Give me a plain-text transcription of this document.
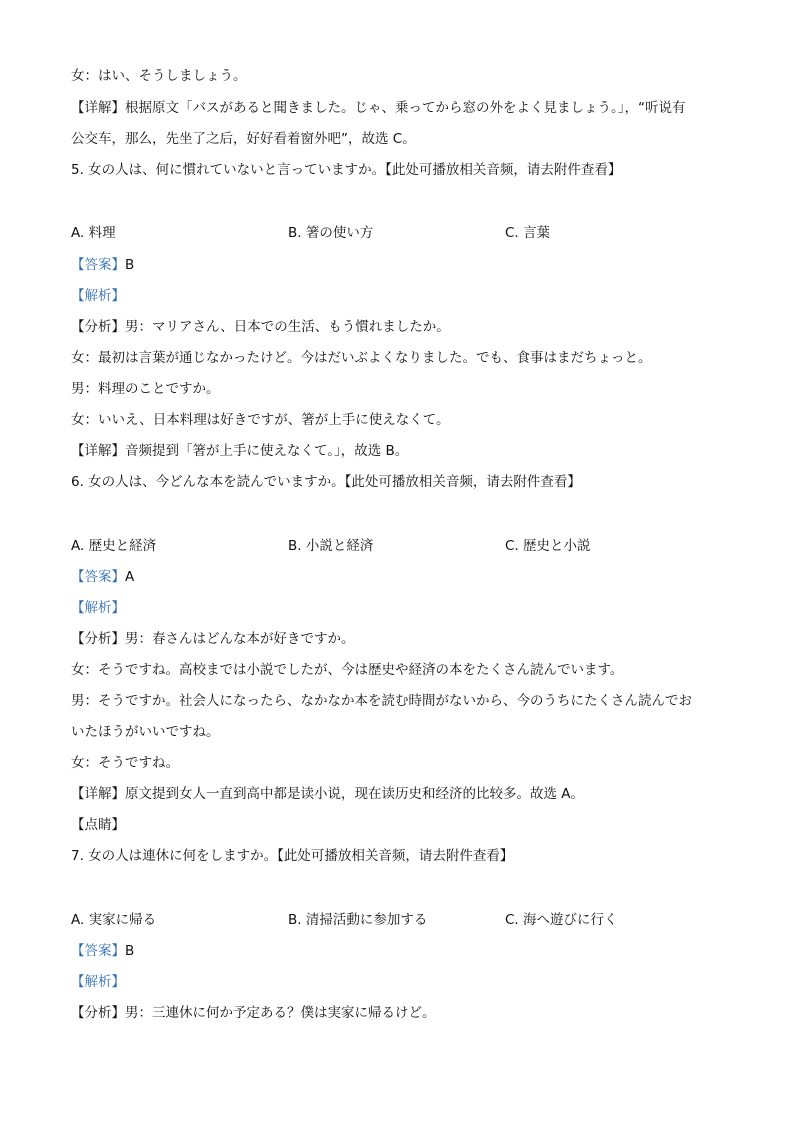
女：はい、そうしましょう。
【详解】根据原文「バスがあると聞きました。じゃ、乗ってから窓の外をよく見ましょう。」，“听说有
公交车，那么，先坐了之后，好好看着窗外吧”，故选 C。
5. 女の人は、何に慣れていないと言っていますか。【此处可播放相关音频，请去附件查看】
【答案】B
【解析】
【分析】男：マリアさん、日本での生活、もう慣れましたか。
女：最初は言葉が通じなかったけど。今はだいぶよくなりました。でも、食事はまだちょっと。
男：料理のことですか。
女：いいえ、日本料理は好きですが、箸が上手に使えなくて。
【详解】音频提到「箸が上手に使えなくて。」，故选 B。
6. 女の人は、今どんな本を読んでいますか。【此处可播放相关音频，请去附件查看】
【答案】A
【解析】
【分析】男：春さんはどんな本が好きですか。
女：そうですね。高校までは小説でしたが、今は歴史や経済の本をたくさん読んでいます。
男：そうですか。社会人になったら、なかなか本を読む時間がないから、今のうちにたくさん読んでお
いたほうがいいですね。
女：そうですね。
【详解】原文提到女人一直到高中都是读小说，现在读历史和经济的比较多。故选 A。
【点睛】
7. 女の人は連休に何をしますか。【此处可播放相关音频，请去附件查看】
【答案】B
【解析】
【分析】男：三連休に何か予定ある？僕は実家に帰るけど。
A. 料理	B. 箸の使い方	C. 言葉
A. 歴史と経済	B. 小説と経済	C. 歴史と小説
A. 実家に帰る	B. 清掃活動に参加する	C. 海へ遊びに行く
